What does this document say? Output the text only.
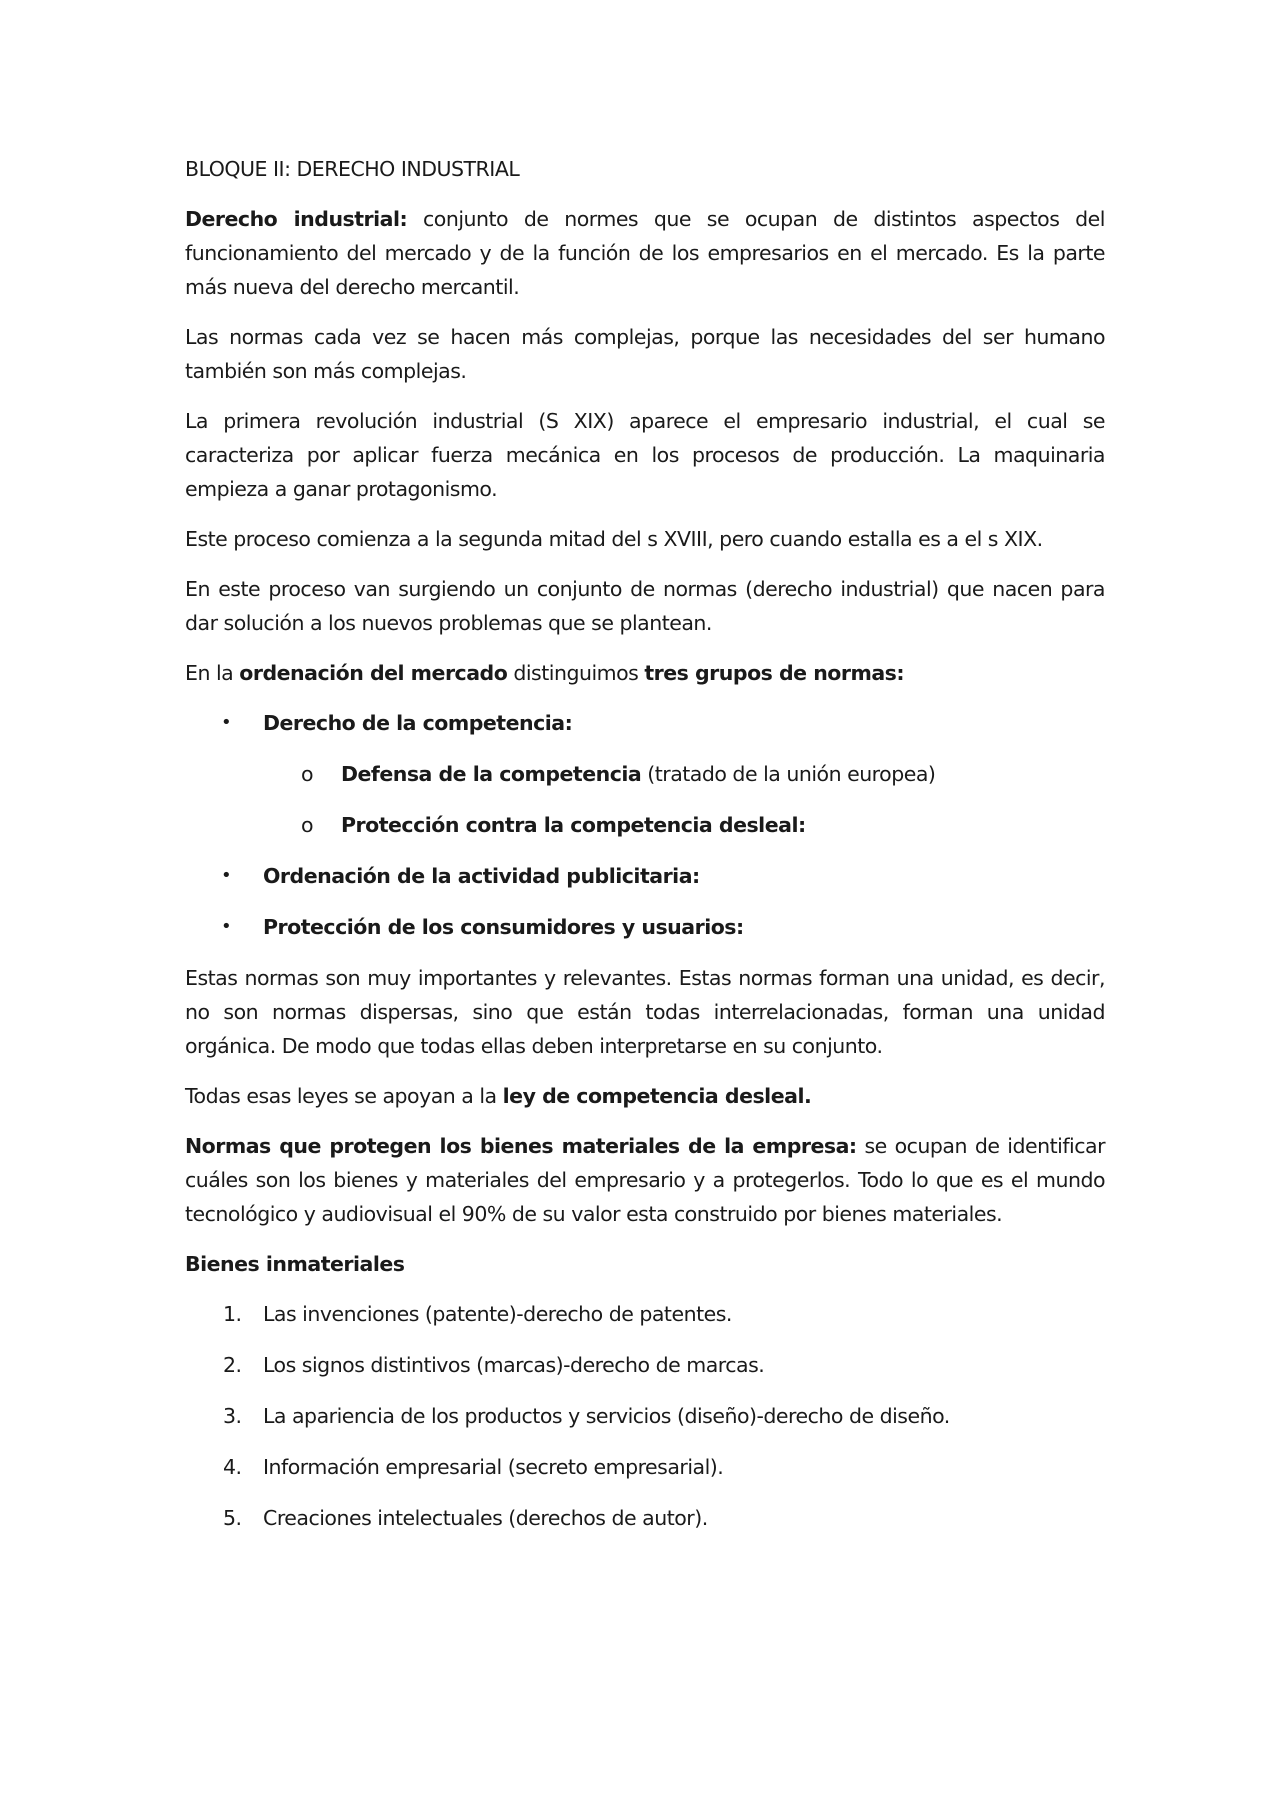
BLOQUE II: DERECHO INDUSTRIAL

Derecho industrial: conjunto de normes que se ocupan de distintos aspectos del funcionamiento del mercado y de la función de los empresarios en el mercado. Es la parte más nueva del derecho mercantil.

Las normas cada vez se hacen más complejas, porque las necesidades del ser humano también son más complejas.

La primera revolución industrial (S XIX) aparece el empresario industrial, el cual se caracteriza por aplicar fuerza mecánica en los procesos de producción. La maquinaria empieza a ganar protagonismo.

Este proceso comienza a la segunda mitad del s XVIII, pero cuando estalla es a el s XIX.

En este proceso van surgiendo un conjunto de normas (derecho industrial) que nacen para dar solución a los nuevos problemas que se plantean.

En la ordenación del mercado distinguimos tres grupos de normas:

• Derecho de la competencia:
o Defensa de la competencia (tratado de la unión europea)
o Protección contra la competencia desleal:
• Ordenación de la actividad publicitaria:
• Protección de los consumidores y usuarios:

Estas normas son muy importantes y relevantes. Estas normas forman una unidad, es decir, no son normas dispersas, sino que están todas interrelacionadas, forman una unidad orgánica. De modo que todas ellas deben interpretarse en su conjunto.

Todas esas leyes se apoyan a la ley de competencia desleal.

Normas que protegen los bienes materiales de la empresa: se ocupan de identificar cuáles son los bienes y materiales del empresario y a protegerlos. Todo lo que es el mundo tecnológico y audiovisual el 90% de su valor esta construido por bienes materiales.

Bienes inmateriales

1. Las invenciones (patente)-derecho de patentes.
2. Los signos distintivos (marcas)-derecho de marcas.
3. La apariencia de los productos y servicios (diseño)-derecho de diseño.
4. Información empresarial (secreto empresarial).
5. Creaciones intelectuales (derechos de autor).
